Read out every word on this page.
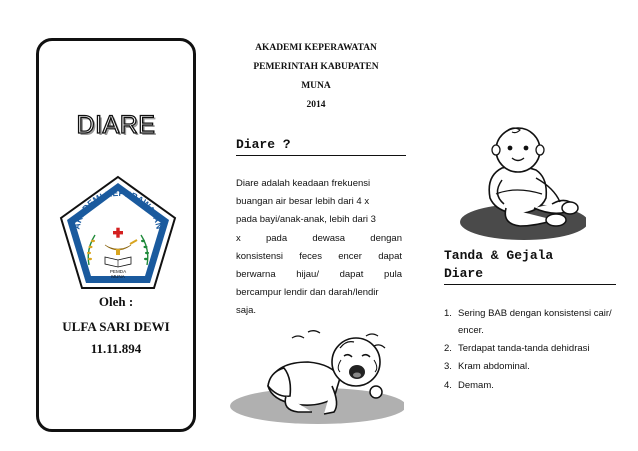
DIARE
AKADEMI KEPERAWATAN
PEMDA
MUNA
Oleh :
ULFA SARI DEWI
11.11.894
AKADEMI KEPERAWATAN
PEMERINTAH KABUPATEN
MUNA
2014
Diare ?
Diare adalah keadaan frekuensi
buangan air besar lebih dari 4 x
pada bayi/anak-anak, lebih dari 3
x pada dewasa dengan
konsistensi feces encer dapat
berwarna hijau/ dapat pula
bercampur lendir dan darah/lendir
saja.
Tanda & Gejala
Diare
1. Sering BAB dengan konsistensi cair/ encer.
2. Terdapat tanda-tanda dehidrasi
3. Kram abdominal.
4. Demam.
